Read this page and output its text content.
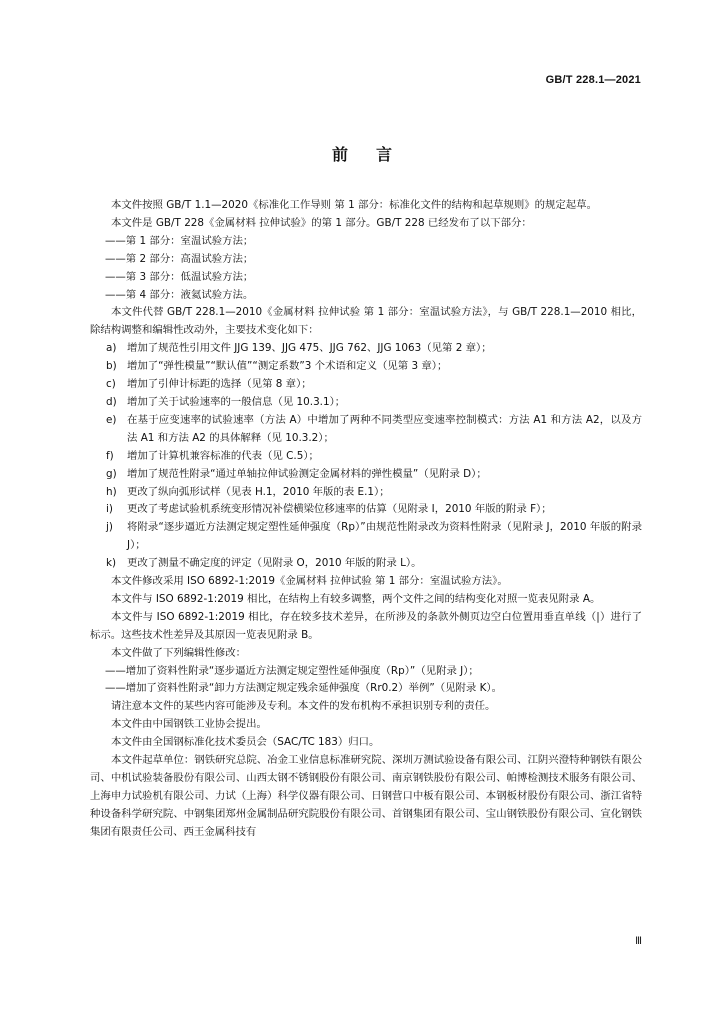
GB/T 228.1—2021
前言

本文件按照 GB/T 1.1—2020《标准化工作导则 第 1 部分：标准化文件的结构和起草规则》的规定起草。

本文件是 GB/T 228《金属材料 拉伸试验》的第 1 部分。GB/T 228 已经发布了以下部分：

——第 1 部分：室温试验方法；

——第 2 部分：高温试验方法；

——第 3 部分：低温试验方法；

——第 4 部分：液氦试验方法。

本文件代替 GB/T 228.1—2010《金属材料 拉伸试验 第 1 部分：室温试验方法》，与 GB/T 228.1—2010 相比，除结构调整和编辑性改动外，主要技术变化如下：

a) 增加了规范性引用文件 JJG 139、JJG 475、JJG 762、JJG 1063（见第 2 章）；

b) 增加了“弹性模量”“默认值”“测定系数”3 个术语和定义（见第 3 章）；

c) 增加了引伸计标距的选择（见第 8 章）；

d) 增加了关于试验速率的一般信息（见 10.3.1）；

e) 在基于应变速率的试验速率（方法 A）中增加了两种不同类型应变速率控制模式：方法 A1 和方法 A2，以及方法 A1 和方法 A2 的具体解释（见 10.3.2）；

f) 增加了计算机兼容标准的代表（见 C.5）；

g) 增加了规范性附录“通过单轴拉伸试验测定金属材料的弹性模量”（见附录 D）；

h) 更改了纵向弧形试样（见表 H.1，2010 年版的表 E.1）；

i) 更改了考虑试验机系统变形情况补偿横梁位移速率的估算（见附录 I，2010 年版的附录 F）；

j) 将附录“逐步逼近方法测定规定塑性延伸强度（Rp）”由规范性附录改为资料性附录（见附录 J，2010 年版的附录 J）；

k) 更改了测量不确定度的评定（见附录 O，2010 年版的附录 L）。

本文件修改采用 ISO 6892-1:2019《金属材料 拉伸试验 第 1 部分：室温试验方法》。

本文件与 ISO 6892-1:2019 相比，在结构上有较多调整，两个文件之间的结构变化对照一览表见附录 A。

本文件与 ISO 6892-1:2019 相比，存在较多技术差异，在所涉及的条款外侧页边空白位置用垂直单线（|）进行了标示。这些技术性差异及其原因一览表见附录 B。

本文件做了下列编辑性修改：

——增加了资料性附录“逐步逼近方法测定规定塑性延伸强度（Rp）”（见附录 J）；

——增加了资料性附录“卸力方法测定规定残余延伸强度（Rr0.2）举例”（见附录 K）。

请注意本文件的某些内容可能涉及专利。本文件的发布机构不承担识别专利的责任。

本文件由中国钢铁工业协会提出。

本文件由全国钢标准化技术委员会（SAC/TC 183）归口。

本文件起草单位：钢铁研究总院、冶金工业信息标准研究院、深圳万测试验设备有限公司、江阴兴澄特种钢铁有限公司、中机试验装备股份有限公司、山西太钢不锈钢股份有限公司、南京钢铁股份有限公司、帕博检测技术服务有限公司、上海申力试验机有限公司、力试（上海）科学仪器有限公司、日钢营口中板有限公司、本钢板材股份有限公司、浙江省特种设备科学研究院、中钢集团郑州金属制品研究院股份有限公司、首钢集团有限公司、宝山钢铁股份有限公司、宣化钢铁集团有限责任公司、西王金属科技有

Ⅲ
